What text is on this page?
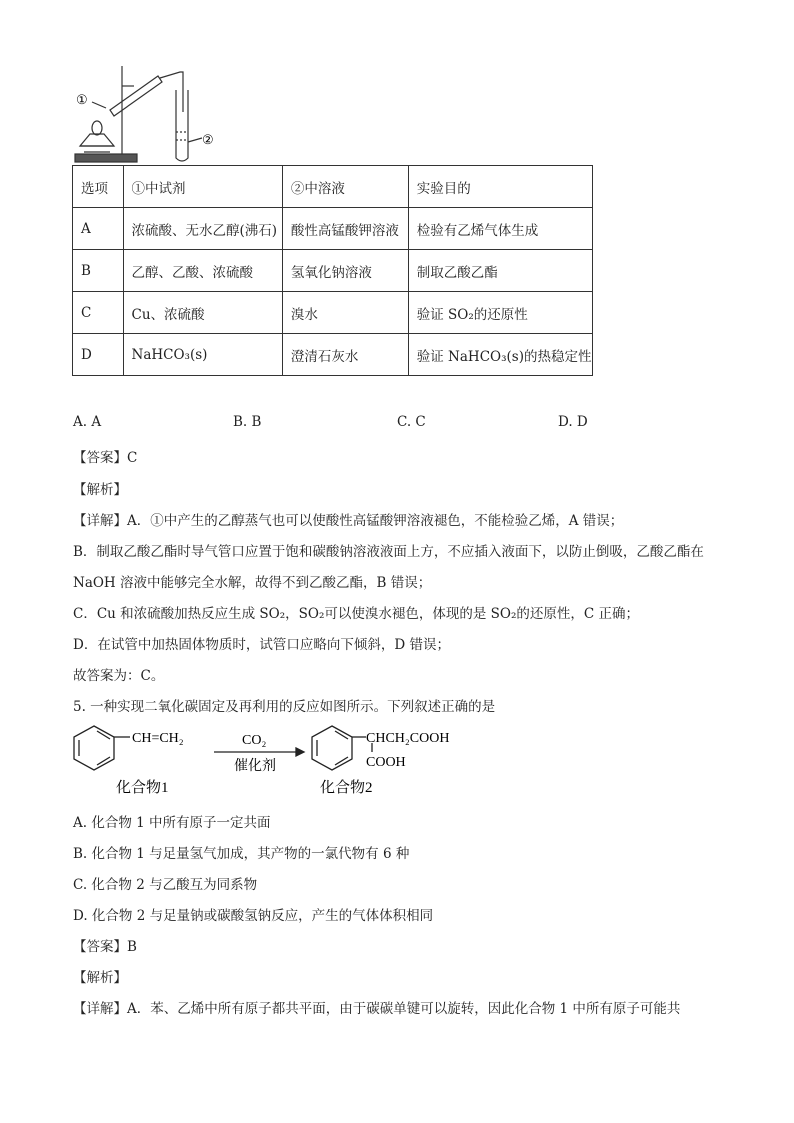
①
②
选项	①中试剂	②中溶液	实验目的
A	浓硫酸、无水乙醇(沸石)	酸性高锰酸钾溶液	检验有乙烯气体生成
B	乙醇、乙酸、浓硫酸	氢氧化钠溶液	制取乙酸乙酯
C	Cu、浓硫酸	溴水	验证 SO₂的还原性
D	NaHCO₃(s)	澄清石灰水	验证 NaHCO₃(s)的热稳定性
A. A	B. B	C. C	D. D
【答案】C
【解析】
【详解】A．①中产生的乙醇蒸气也可以使酸性高锰酸钾溶液褪色，不能检验乙烯，A 错误；
B．制取乙酸乙酯时导气管口应置于饱和碳酸钠溶液液面上方，不应插入液面下，以防止倒吸，乙酸乙酯在
NaOH 溶液中能够完全水解，故得不到乙酸乙酯，B 错误；
C．Cu 和浓硫酸加热反应生成 SO₂，SO₂可以使溴水褪色，体现的是 SO₂的还原性，C 正确；
D．在试管中加热固体物质时，试管口应略向下倾斜，D 错误；
故答案为：C。
5. 一种实现二氧化碳固定及再利用的反应如图所示。下列叙述正确的是
CH=CH₂	CO₂
催化剂
CHCH₂COOH
COOH
化合物1	化合物2
A. 化合物 1 中所有原子一定共面
B. 化合物 1 与足量氢气加成，其产物的一氯代物有 6 种
C. 化合物 2 与乙酸互为同系物
D. 化合物 2 与足量钠或碳酸氢钠反应，产生的气体体积相同
【答案】B
【解析】
【详解】A．苯、乙烯中所有原子都共平面，由于碳碳单键可以旋转，因此化合物 1 中所有原子可能共
